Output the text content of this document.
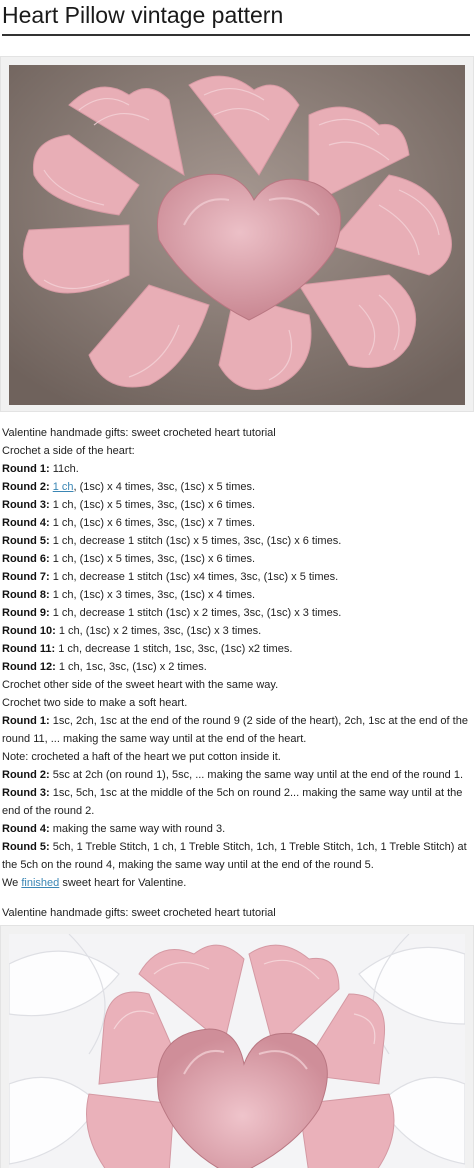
Heart Pillow vintage pattern
Valentine handmade gifts: sweet crocheted heart tutorial
Crochet a side of the heart:
Round 1: 11ch.
Round 2: 1 ch, (1sc) x 4 times, 3sc, (1sc) x 5 times.
Round 3: 1 ch, (1sc) x 5 times, 3sc, (1sc) x 6 times.
Round 4: 1 ch, (1sc) x 6 times, 3sc, (1sc) x 7 times.
Round 5: 1 ch, decrease 1 stitch (1sc) x 5 times, 3sc, (1sc) x 6 times.
Round 6: 1 ch, (1sc) x 5 times, 3sc, (1sc) x 6 times.
Round 7: 1 ch, decrease 1 stitch (1sc) x4 times, 3sc, (1sc) x 5 times.
Round 8: 1 ch, (1sc) x 3 times, 3sc, (1sc) x 4 times.
Round 9: 1 ch, decrease 1 stitch (1sc) x 2 times, 3sc, (1sc) x 3 times.
Round 10: 1 ch, (1sc) x 2 times, 3sc, (1sc) x 3 times.
Round 11: 1 ch, decrease 1 stitch, 1sc, 3sc, (1sc) x2 times.
Round 12: 1 ch, 1sc, 3sc, (1sc) x 2 times.
Crochet other side of the sweet heart with the same way.
Crochet two side to make a soft heart.
Round 1: 1sc, 2ch, 1sc at the end of the round 9 (2 side of the heart), 2ch, 1sc at the end of the round 11, ... making the same way until at the end of the heart.
Note: crocheted a haft of the heart we put cotton inside it.
Round 2: 5sc at 2ch (on round 1), 5sc, ... making the same way until at the end of the round 1.
Round 3: 1sc, 5ch, 1sc at the middle of the 5ch on round 2... making the same way until at the end of the round 2.
Round 4: making the same way with round 3.
Round 5: 5ch, 1 Treble Stitch, 1 ch, 1 Treble Stitch, 1ch, 1 Treble Stitch, 1ch, 1 Treble Stitch) at the 5ch on the round 4, making the same way until at the end of the round 5.
We finished sweet heart for Valentine.
Valentine handmade gifts: sweet crocheted heart tutorial
